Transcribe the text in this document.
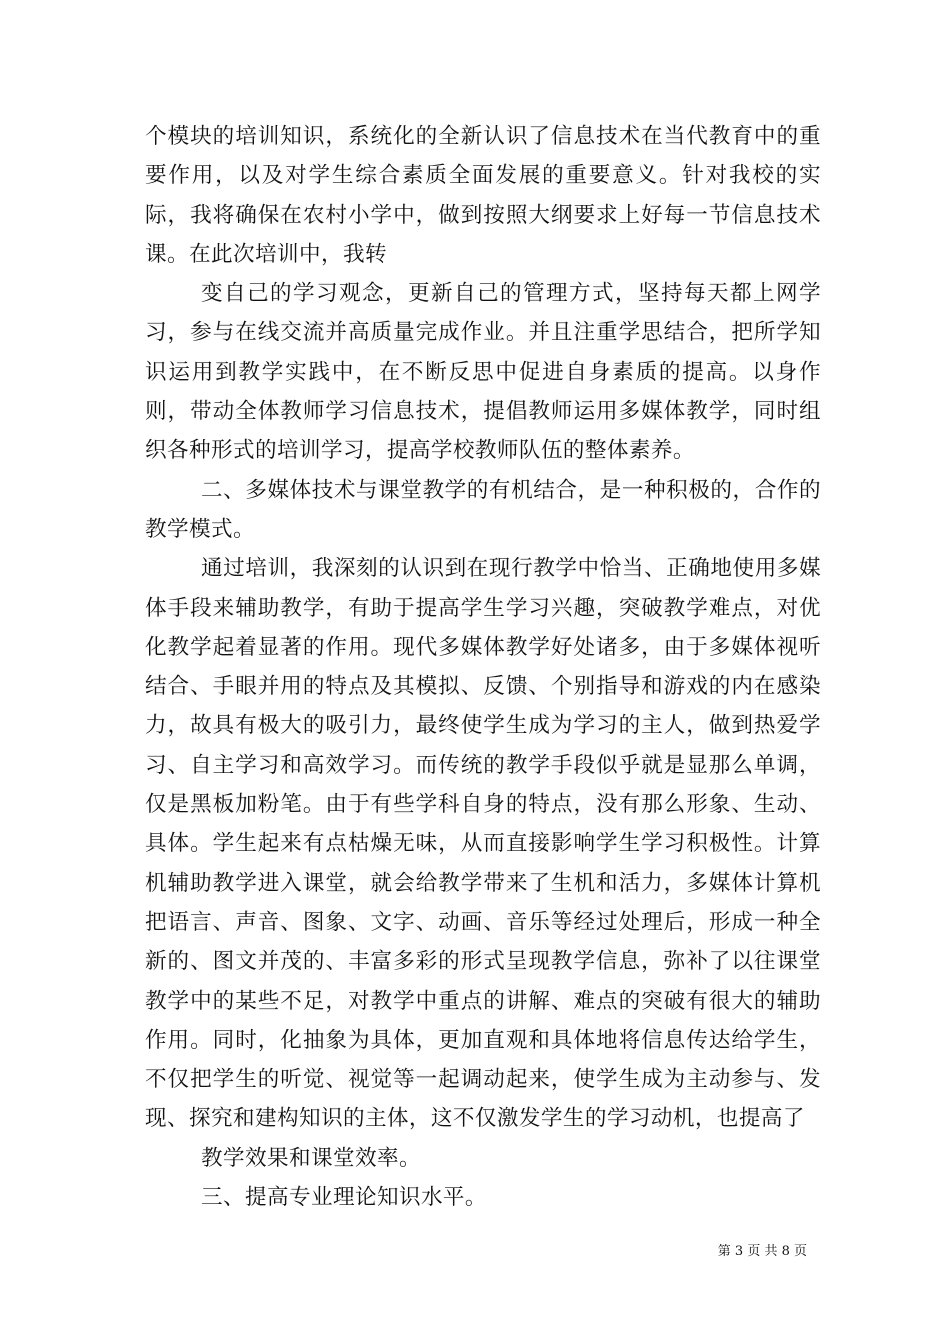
个模块的培训知识，系统化的全新认识了信息技术在当代教育中的重要作用，以及对学生综合素质全面发展的重要意义。针对我校的实际，我将确保在农村小学中，做到按照大纲要求上好每一节信息技术课。在此次培训中，我转

变自己的学习观念，更新自己的管理方式，坚持每天都上网学习，参与在线交流并高质量完成作业。并且注重学思结合，把所学知识运用到教学实践中，在不断反思中促进自身素质的提高。以身作则，带动全体教师学习信息技术，提倡教师运用多媒体教学，同时组织各种形式的培训学习，提高学校教师队伍的整体素养。

二、多媒体技术与课堂教学的有机结合，是一种积极的，合作的教学模式。

通过培训，我深刻的认识到在现行教学中恰当、正确地使用多媒体手段来辅助教学，有助于提高学生学习兴趣，突破教学难点，对优化教学起着显著的作用。现代多媒体教学好处诸多，由于多媒体视听结合、手眼并用的特点及其模拟、反馈、个别指导和游戏的内在感染力，故具有极大的吸引力，最终使学生成为学习的主人，做到热爱学习、自主学习和高效学习。而传统的教学手段似乎就是显那么单调，仅是黑板加粉笔。由于有些学科自身的特点，没有那么形象、生动、具体。学生起来有点枯燥无味，从而直接影响学生学习积极性。计算机辅助教学进入课堂，就会给教学带来了生机和活力，多媒体计算机把语言、声音、图象、文字、动画、音乐等经过处理后，形成一种全新的、图文并茂的、丰富多彩的形式呈现教学信息，弥补了以往课堂教学中的某些不足，对教学中重点的讲解、难点的突破有很大的辅助作用。同时，化抽象为具体，更加直观和具体地将信息传达给学生，不仅把学生的听觉、视觉等一起调动起来，使学生成为主动参与、发现、探究和建构知识的主体，这不仅激发学生的学习动机，也提高了

教学效果和课堂效率。

三、提高专业理论知识水平。

第 3 页 共 8 页
